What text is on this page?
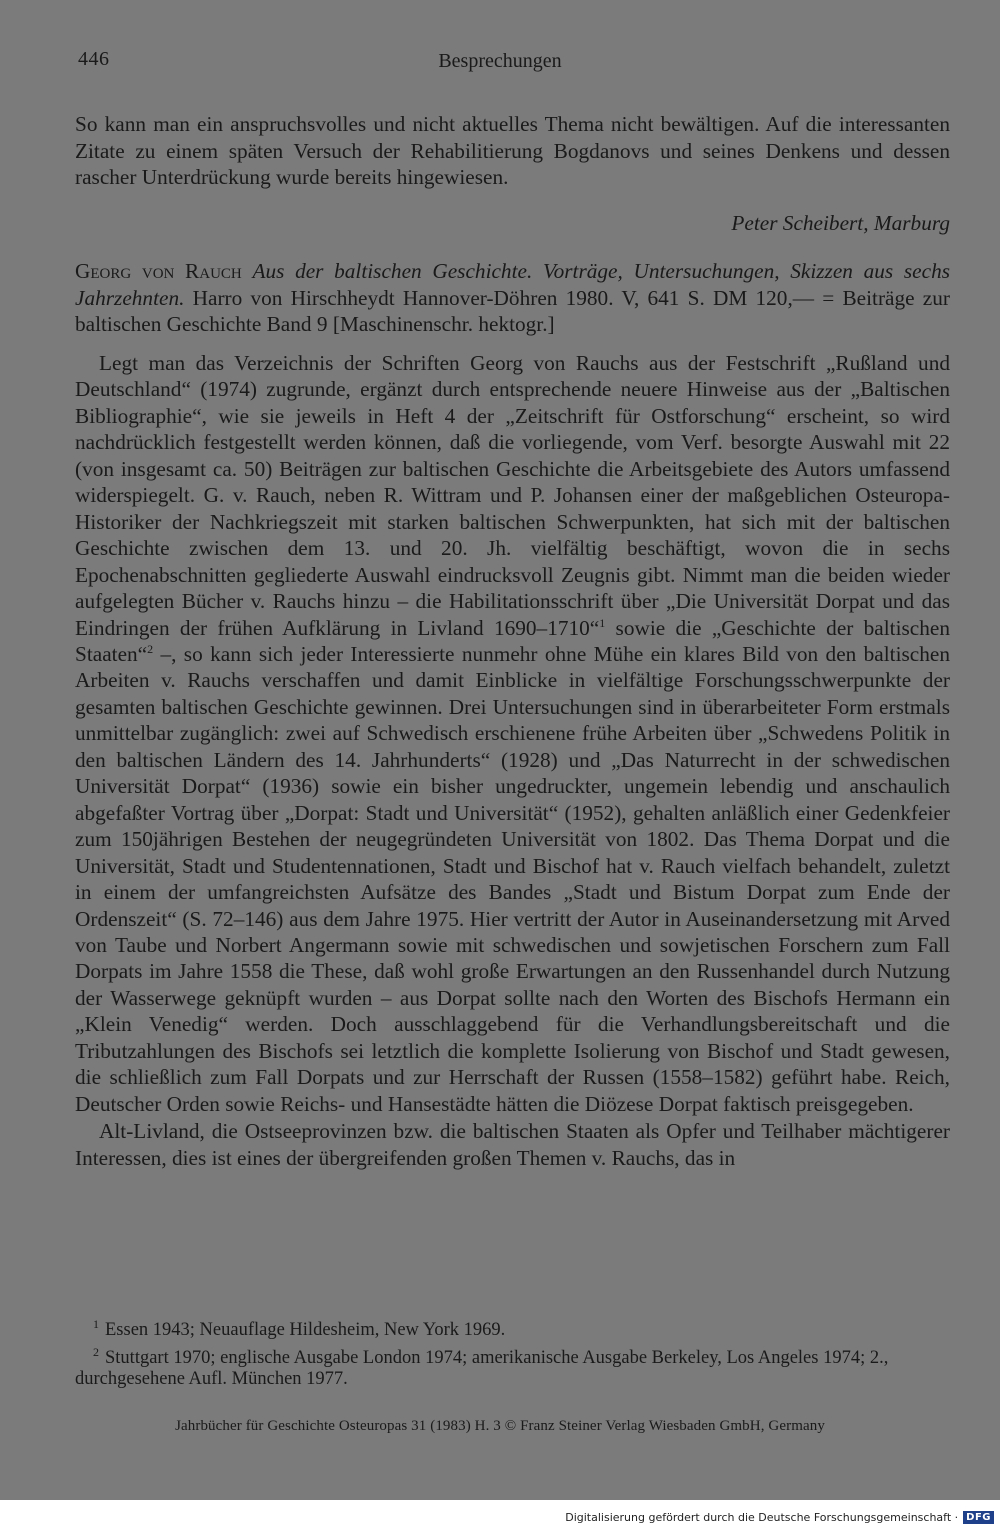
446	Besprechungen

So kann man ein anspruchsvolles und nicht aktuelles Thema nicht bewältigen. Auf die interessanten Zitate zu einem späten Versuch der Rehabilitierung Bogdanovs und seines Denkens und dessen rascher Unterdrückung wurde bereits hingewiesen.

Peter Scheibert, Marburg

Georg von Rauch Aus der baltischen Geschichte. Vorträge, Untersuchungen, Skizzen aus sechs Jahrzehnten. Harro von Hirschheydt Hannover-Döhren 1980. V, 641 S. DM 120,— = Beiträge zur baltischen Geschichte Band 9 [Maschinenschr. hektogr.]

Legt man das Verzeichnis der Schriften Georg von Rauchs aus der Festschrift „Rußland und Deutschland“ (1974) zugrunde, ergänzt durch entsprechende neuere Hinweise aus der „Baltischen Bibliographie“, wie sie jeweils in Heft 4 der „Zeitschrift für Ostforschung“ erscheint, so wird nachdrücklich festgestellt werden können, daß die vorliegende, vom Verf. besorgte Auswahl mit 22 (von insgesamt ca. 50) Beiträgen zur baltischen Geschichte die Arbeitsgebiete des Autors umfassend widerspiegelt. G. v. Rauch, neben R. Wittram und P. Johansen einer der maßgeblichen Osteuropa-Historiker der Nachkriegszeit mit starken baltischen Schwerpunkten, hat sich mit der baltischen Geschichte zwischen dem 13. und 20. Jh. vielfältig beschäftigt, wovon die in sechs Epochenabschnitten gegliederte Auswahl eindrucksvoll Zeugnis gibt. Nimmt man die beiden wieder aufgelegten Bücher v. Rauchs hinzu – die Habilitationsschrift über „Die Universität Dorpat und das Eindringen der frühen Aufklärung in Livland 1690–1710“$^1$ sowie die „Geschichte der baltischen Staaten“$^2$ –, so kann sich jeder Interessierte nunmehr ohne Mühe ein klares Bild von den baltischen Arbeiten v. Rauchs verschaffen und damit Einblicke in vielfältige Forschungsschwerpunkte der gesamten baltischen Geschichte gewinnen. Drei Untersuchungen sind in überarbeiteter Form erstmals unmittelbar zugänglich: zwei auf Schwedisch erschienene frühe Arbeiten über „Schwedens Politik in den baltischen Ländern des 14. Jahrhunderts“ (1928) und „Das Naturrecht in der schwedischen Universität Dorpat“ (1936) sowie ein bisher ungedruckter, ungemein lebendig und anschaulich abgefaßter Vortrag über „Dorpat: Stadt und Universität“ (1952), gehalten anläßlich einer Gedenkfeier zum 150jährigen Bestehen der neugegründeten Universität von 1802. Das Thema Dorpat und die Universität, Stadt und Studentennationen, Stadt und Bischof hat v. Rauch vielfach behandelt, zuletzt in einem der umfangreichsten Aufsätze des Bandes „Stadt und Bistum Dorpat zum Ende der Ordenszeit“ (S. 72–146) aus dem Jahre 1975. Hier vertritt der Autor in Auseinandersetzung mit Arved von Taube und Norbert Angermann sowie mit schwedischen und sowjetischen Forschern zum Fall Dorpats im Jahre 1558 die These, daß wohl große Erwartungen an den Russenhandel durch Nutzung der Wasserwege geknüpft wurden – aus Dorpat sollte nach den Worten des Bischofs Hermann ein „Klein Venedig“ werden. Doch ausschlaggebend für die Verhandlungsbereitschaft und die Tributzahlungen des Bischofs sei letztlich die komplette Isolierung von Bischof und Stadt gewesen, die schließlich zum Fall Dorpats und zur Herrschaft der Russen (1558–1582) geführt habe. Reich, Deutscher Orden sowie Reichs- und Hansestädte hätten die Diözese Dorpat faktisch preisgegeben.

Alt-Livland, die Ostseeprovinzen bzw. die baltischen Staaten als Opfer und Teilhaber mächtigerer Interessen, dies ist eines der übergreifenden großen Themen v. Rauchs, das in

$^1$ Essen 1943; Neuauflage Hildesheim, New York 1969.

$^2$ Stuttgart 1970; englische Ausgabe London 1974; amerikanische Ausgabe Berkeley, Los Angeles 1974; 2., durchgesehene Aufl. München 1977.

Jahrbücher für Geschichte Osteuropas 31 (1983) H. 3 © Franz Steiner Verlag Wiesbaden GmbH, Germany
Digitalisierung gefördert durch die Deutsche Forschungsgemeinschaft · DFG
